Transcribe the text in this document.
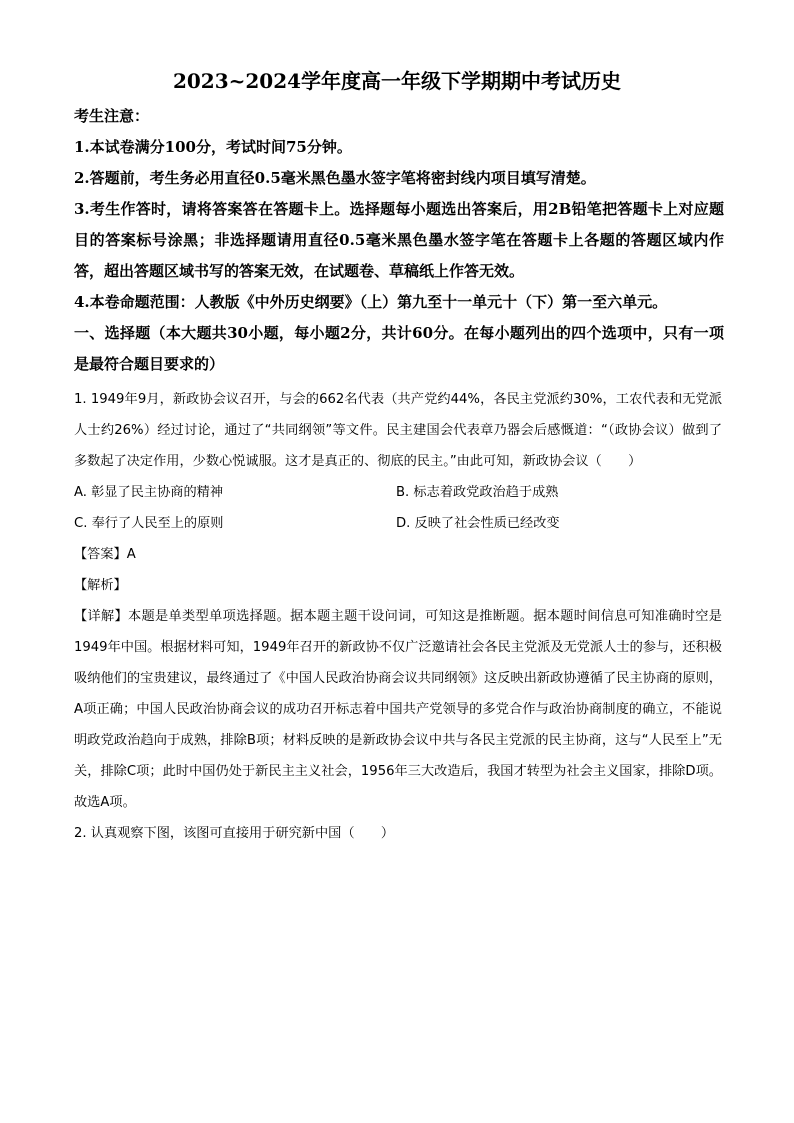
2023~2024学年度高一年级下学期期中考试历史

考生注意：

1.本试卷满分100分，考试时间75分钟。

2.答题前，考生务必用直径0.5毫米黑色墨水签字笔将密封线内项目填写清楚。

3.考生作答时，请将答案答在答题卡上。选择题每小题选出答案后，用2B铅笔把答题卡上对应题目的答案标号涂黑；非选择题请用直径0.5毫米黑色墨水签字笔在答题卡上各题的答题区域内作答，超出答题区域书写的答案无效，在试题卷、草稿纸上作答无效。

4.本卷命题范围：人教版《中外历史纲要》（上）第九至十一单元十（下）第一至六单元。

一、选择题（本大题共30小题，每小题2分，共计60分。在每小题列出的四个选项中，只有一项是最符合题目要求的）

1. 1949年9月，新政协会议召开，与会的662名代表（共产党约44%，各民主党派约30%，工农代表和无党派人士约26%）经过讨论，通过了“共同纲领”等文件。民主建国会代表章乃器会后感慨道：“（政协会议）做到了多数起了决定作用，少数心悦诚服。这才是真正的、彻底的民主。”由此可知，新政协会议（　　）

A. 彰显了民主协商的精神	B. 标志着政党政治趋于成熟
C. 奉行了人民至上的原则	D. 反映了社会性质已经改变

【答案】A

【解析】

【详解】本题是单类型单项选择题。据本题主题干设问词，可知这是推断题。据本题时间信息可知准确时空是1949年中国。根据材料可知，1949年召开的新政协不仅广泛邀请社会各民主党派及无党派人士的参与，还积极吸纳他们的宝贵建议，最终通过了《中国人民政治协商会议共同纲领》这反映出新政协遵循了民主协商的原则，A项正确；中国人民政治协商会议的成功召开标志着中国共产党领导的多党合作与政治协商制度的确立，不能说明政党政治趋向于成熟，排除B项；材料反映的是新政协会议中共与各民主党派的民主协商，这与“人民至上”无关，排除C项；此时中国仍处于新民主主义社会，1956年三大改造后，我国才转型为社会主义国家，排除D项。故选A项。

2. 认真观察下图，该图可直接用于研究新中国（　　）
